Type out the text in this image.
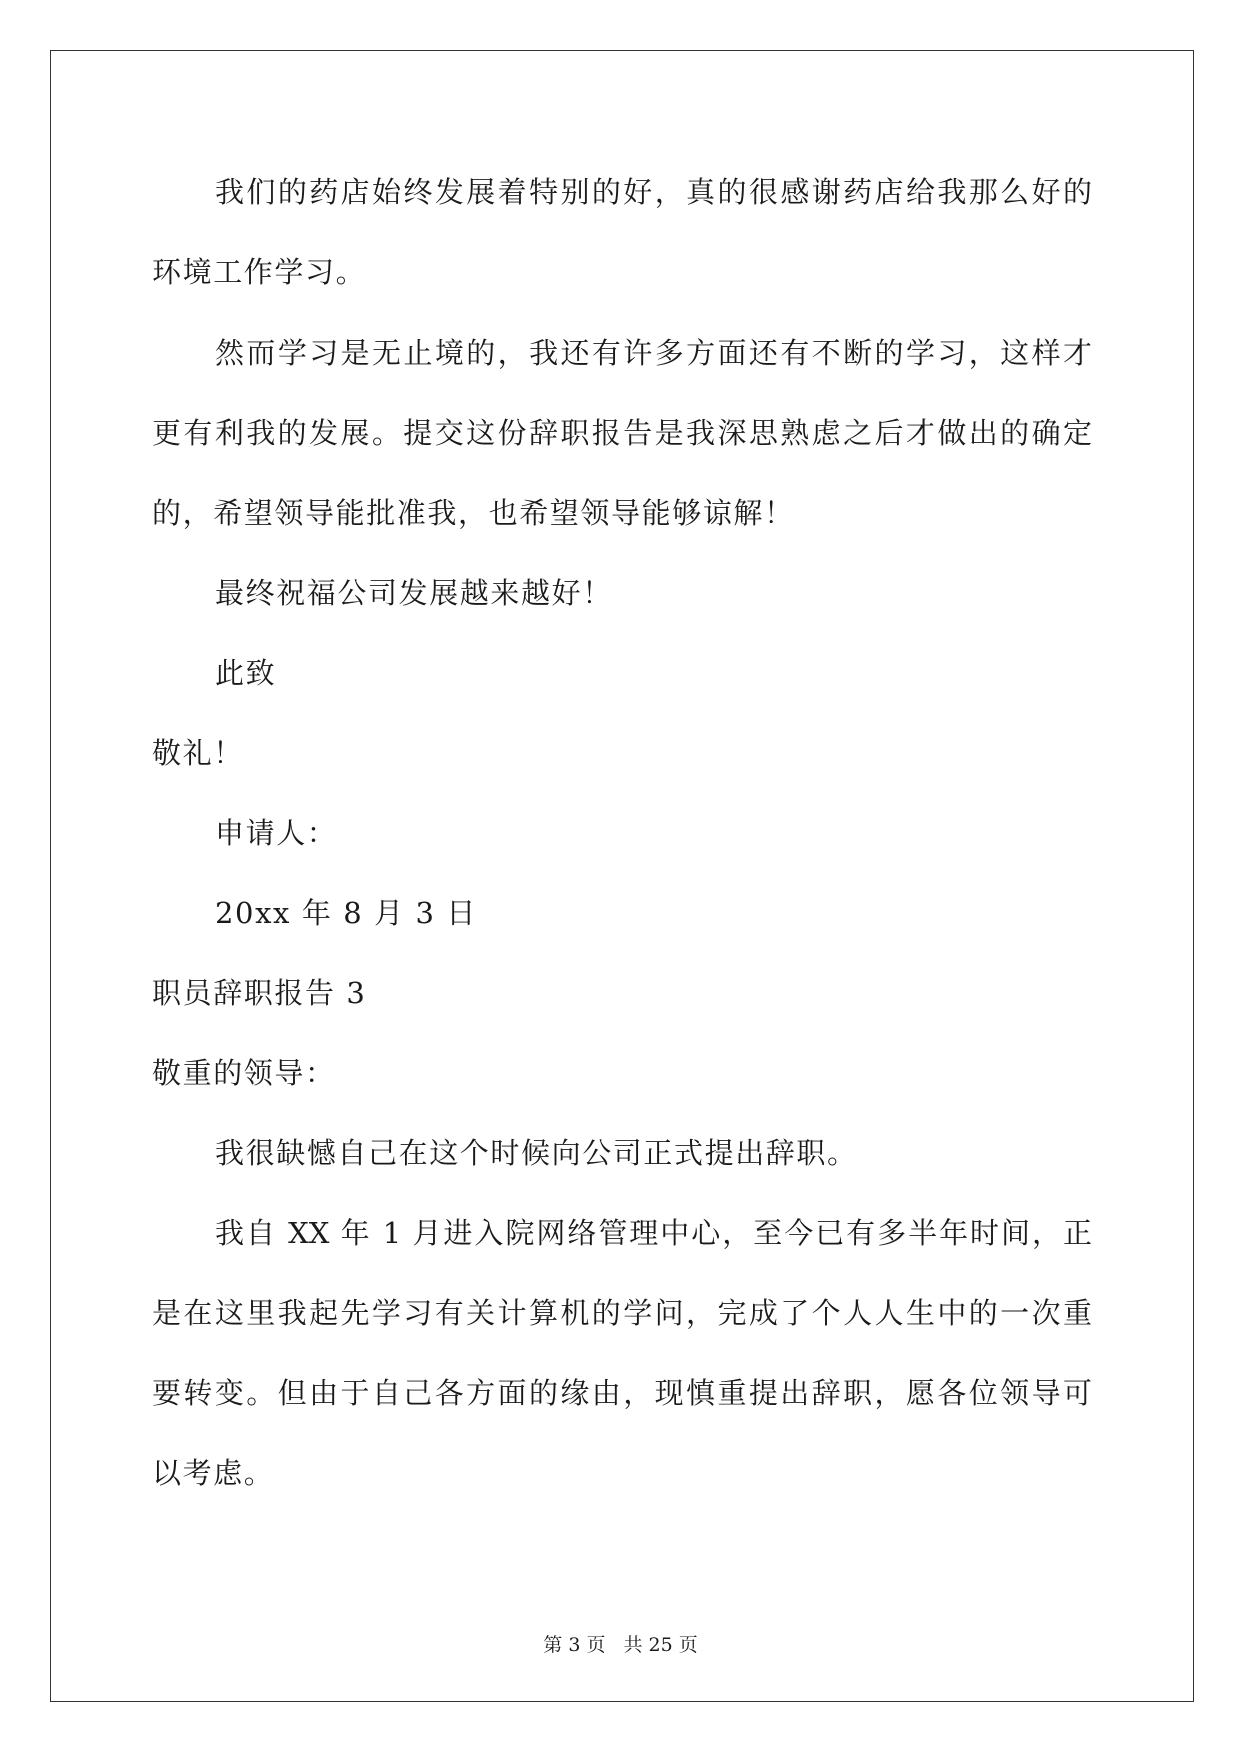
我们的药店始终发展着特别的好，真的很感谢药店给我那么好的
环境工作学习。
然而学习是无止境的，我还有许多方面还有不断的学习，这样才
更有利我的发展。提交这份辞职报告是我深思熟虑之后才做出的确定
的，希望领导能批准我，也希望领导能够谅解！
最终祝福公司发展越来越好！
此致
敬礼！
申请人：
20xx 年 8 月 3 日
职员辞职报告 3
敬重的领导：
我很缺憾自己在这个时候向公司正式提出辞职。
我自 XX 年 1 月进入院网络管理中心，至今已有多半年时间，正
是在这里我起先学习有关计算机的学问，完成了个人人生中的一次重
要转变。但由于自己各方面的缘由，现慎重提出辞职，愿各位领导可
以考虑。
第 3 页 共 25 页
